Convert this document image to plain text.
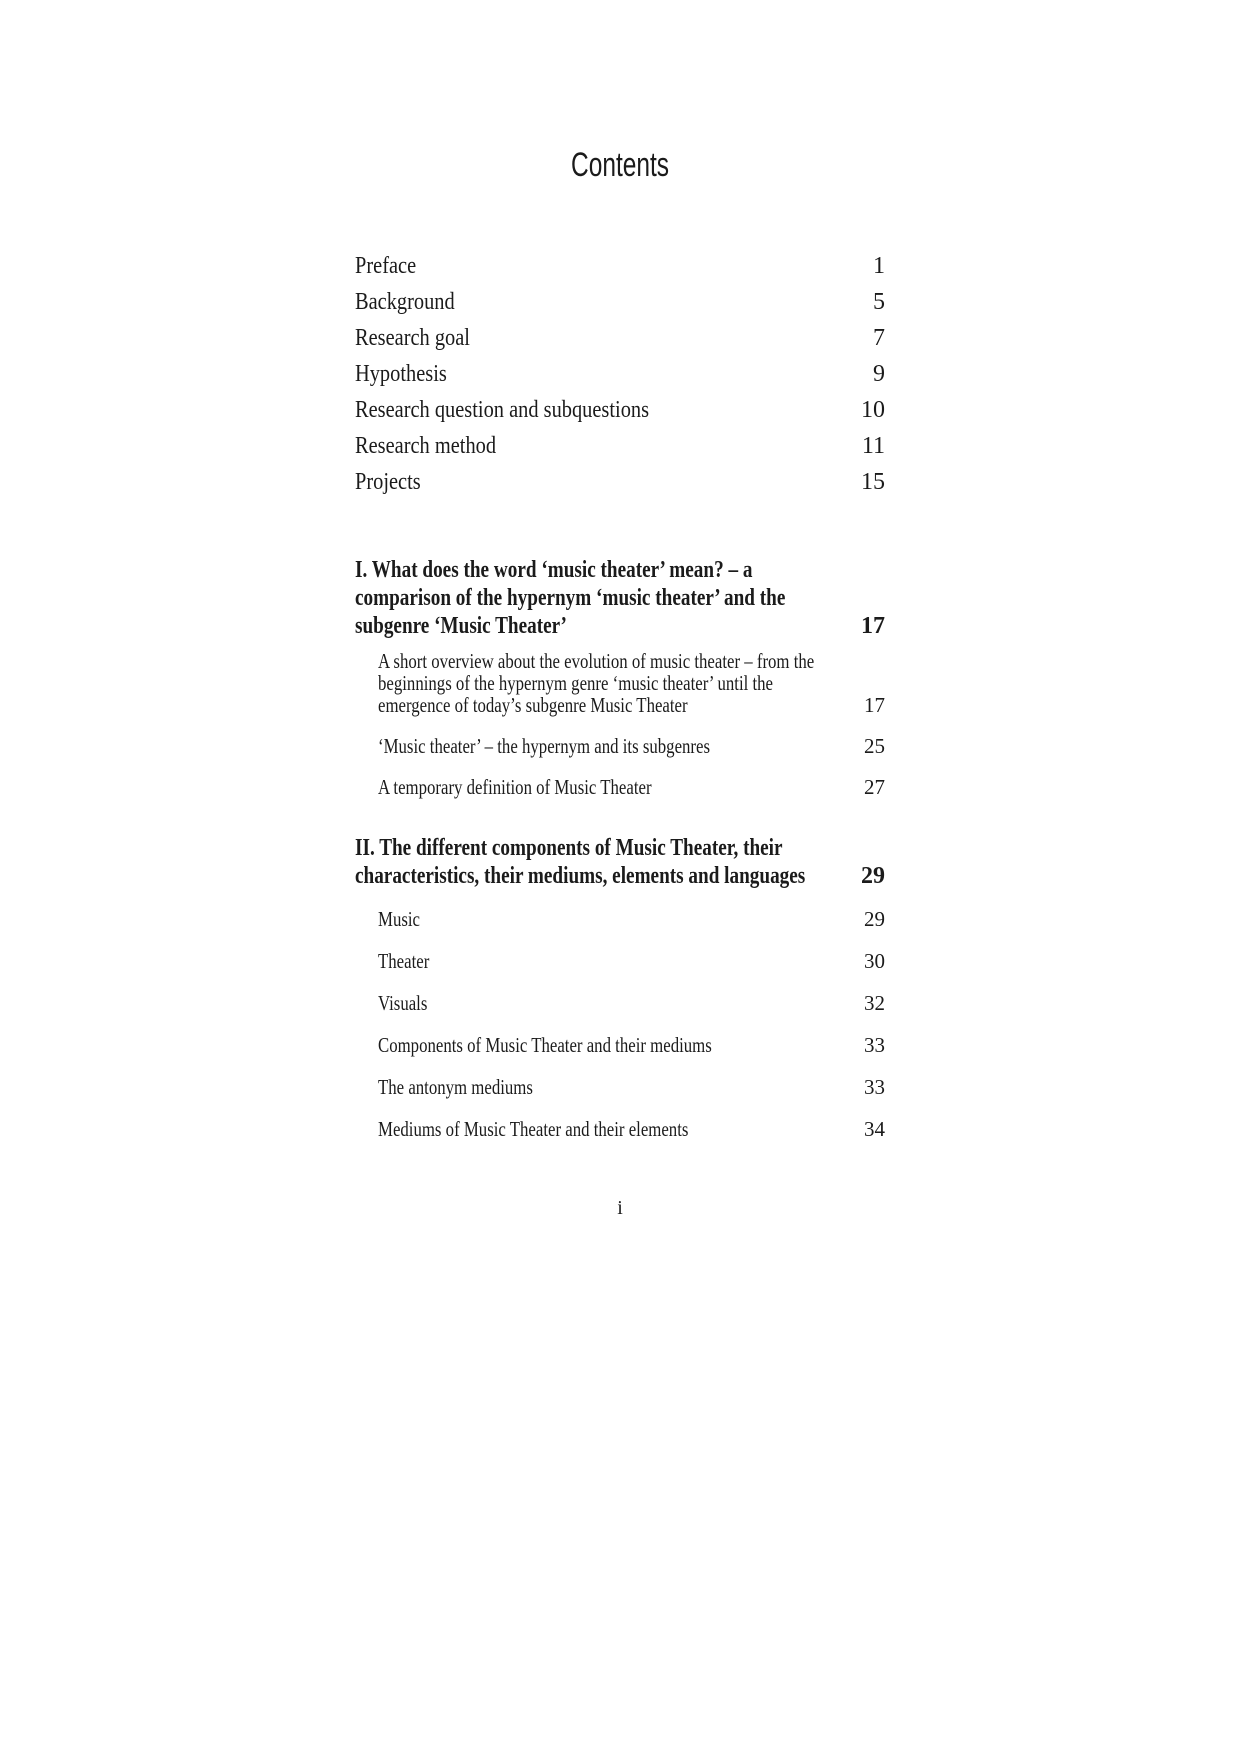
Contents
Preface	1
Background	5
Research goal	7
Hypothesis	9
Research question and subquestions	10
Research method	11
Projects	15
I. What does the word ‘music theater’ mean? – a
comparison of the hypernym ‘music theater’ and the
subgenre ‘Music Theater’	17
A short overview about the evolution of music theater – from the
beginnings of the hypernym genre ‘music theater’ until the
emergence of today’s subgenre Music Theater	17
‘Music theater’ – the hypernym and its subgenres	25
A temporary definition of Music Theater	27
II. The different components of Music Theater, their
characteristics, their mediums, elements and languages	29
Music	29
Theater	30
Visuals	32
Components of Music Theater and their mediums	33
The antonym mediums	33
Mediums of Music Theater and their elements	34
i
